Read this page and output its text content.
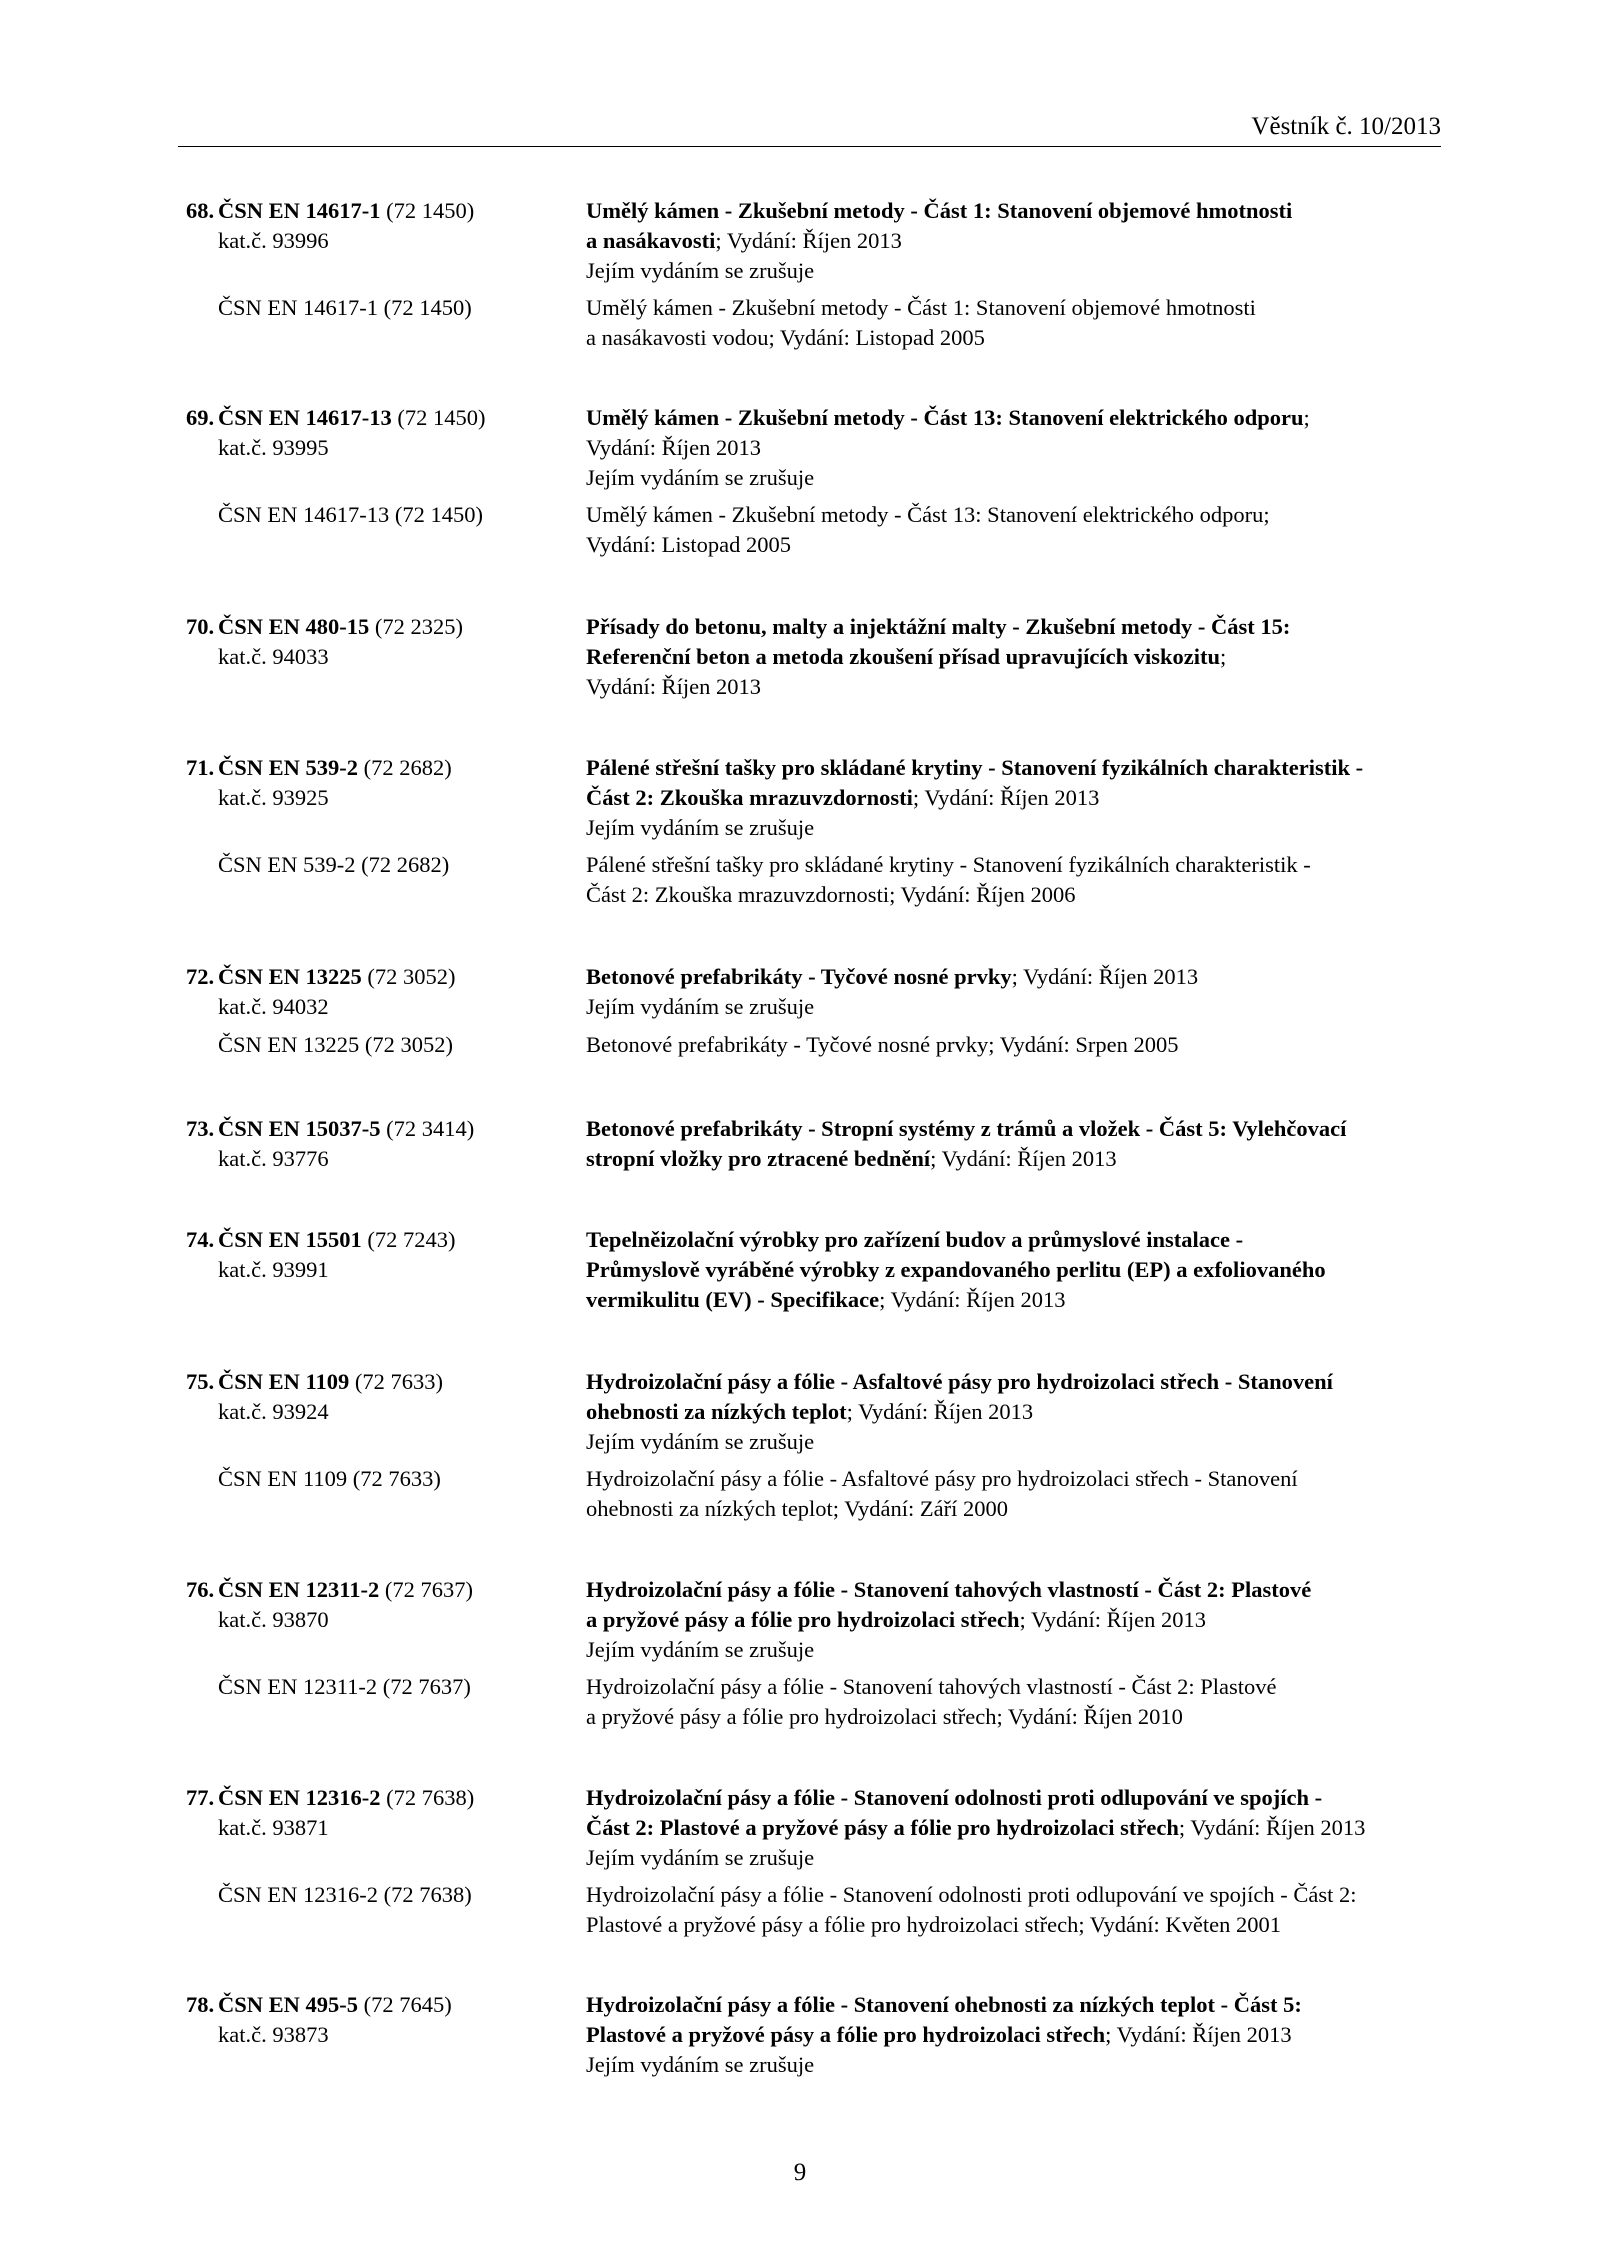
Věstník č. 10/2013
68. ČSN EN 14617-1 (72 1450)	Umělý kámen - Zkušební metody - Část 1: Stanovení objemové hmotnosti
kat.č. 93996	a nasákavosti; Vydání: Říjen 2013
Jejím vydáním se zrušuje
ČSN EN 14617-1 (72 1450)	Umělý kámen - Zkušební metody - Část 1: Stanovení objemové hmotnosti
a nasákavosti vodou; Vydání: Listopad 2005
69. ČSN EN 14617-13 (72 1450)	Umělý kámen - Zkušební metody - Část 13: Stanovení elektrického odporu;
kat.č. 93995	Vydání: Říjen 2013
Jejím vydáním se zrušuje
ČSN EN 14617-13 (72 1450)	Umělý kámen - Zkušební metody - Část 13: Stanovení elektrického odporu;
Vydání: Listopad 2005
70. ČSN EN 480-15 (72 2325)	Přísady do betonu, malty a injektážní malty - Zkušební metody - Část 15:
kat.č. 94033	Referenční beton a metoda zkoušení přísad upravujících viskozitu;
Vydání: Říjen 2013
71. ČSN EN 539-2 (72 2682)	Pálené střešní tašky pro skládané krytiny - Stanovení fyzikálních charakteristik -
kat.č. 93925	Část 2: Zkouška mrazuvzdornosti; Vydání: Říjen 2013
Jejím vydáním se zrušuje
ČSN EN 539-2 (72 2682)	Pálené střešní tašky pro skládané krytiny - Stanovení fyzikálních charakteristik -
Část 2: Zkouška mrazuvzdornosti; Vydání: Říjen 2006
72. ČSN EN 13225 (72 3052)	Betonové prefabrikáty - Tyčové nosné prvky; Vydání: Říjen 2013
kat.č. 94032	Jejím vydáním se zrušuje
ČSN EN 13225 (72 3052)	Betonové prefabrikáty - Tyčové nosné prvky; Vydání: Srpen 2005
73. ČSN EN 15037-5 (72 3414)	Betonové prefabrikáty - Stropní systémy z trámů a vložek - Část 5: Vylehčovací
kat.č. 93776	stropní vložky pro ztracené bednění; Vydání: Říjen 2013
74. ČSN EN 15501 (72 7243)	Tepelněizolační výrobky pro zařízení budov a průmyslové instalace -
kat.č. 93991	Průmyslově vyráběné výrobky z expandovaného perlitu (EP) a exfoliovaného
vermikulitu (EV) - Specifikace; Vydání: Říjen 2013
75. ČSN EN 1109 (72 7633)	Hydroizolační pásy a fólie - Asfaltové pásy pro hydroizolaci střech - Stanovení
kat.č. 93924	ohebnosti za nízkých teplot; Vydání: Říjen 2013
Jejím vydáním se zrušuje
ČSN EN 1109 (72 7633)	Hydroizolační pásy a fólie - Asfaltové pásy pro hydroizolaci střech - Stanovení
ohebnosti za nízkých teplot; Vydání: Září 2000
76. ČSN EN 12311-2 (72 7637)	Hydroizolační pásy a fólie - Stanovení tahových vlastností - Část 2: Plastové
kat.č. 93870	a pryžové pásy a fólie pro hydroizolaci střech; Vydání: Říjen 2013
Jejím vydáním se zrušuje
ČSN EN 12311-2 (72 7637)	Hydroizolační pásy a fólie - Stanovení tahových vlastností - Část 2: Plastové
a pryžové pásy a fólie pro hydroizolaci střech; Vydání: Říjen 2010
77. ČSN EN 12316-2 (72 7638)	Hydroizolační pásy a fólie - Stanovení odolnosti proti odlupování ve spojích -
kat.č. 93871	Část 2: Plastové a pryžové pásy a fólie pro hydroizolaci střech; Vydání: Říjen 2013
Jejím vydáním se zrušuje
ČSN EN 12316-2 (72 7638)	Hydroizolační pásy a fólie - Stanovení odolnosti proti odlupování ve spojích - Část 2:
Plastové a pryžové pásy a fólie pro hydroizolaci střech; Vydání: Květen 2001
78. ČSN EN 495-5 (72 7645)	Hydroizolační pásy a fólie - Stanovení ohebnosti za nízkých teplot - Část 5:
kat.č. 93873	Plastové a pryžové pásy a fólie pro hydroizolaci střech; Vydání: Říjen 2013
Jejím vydáním se zrušuje
9
